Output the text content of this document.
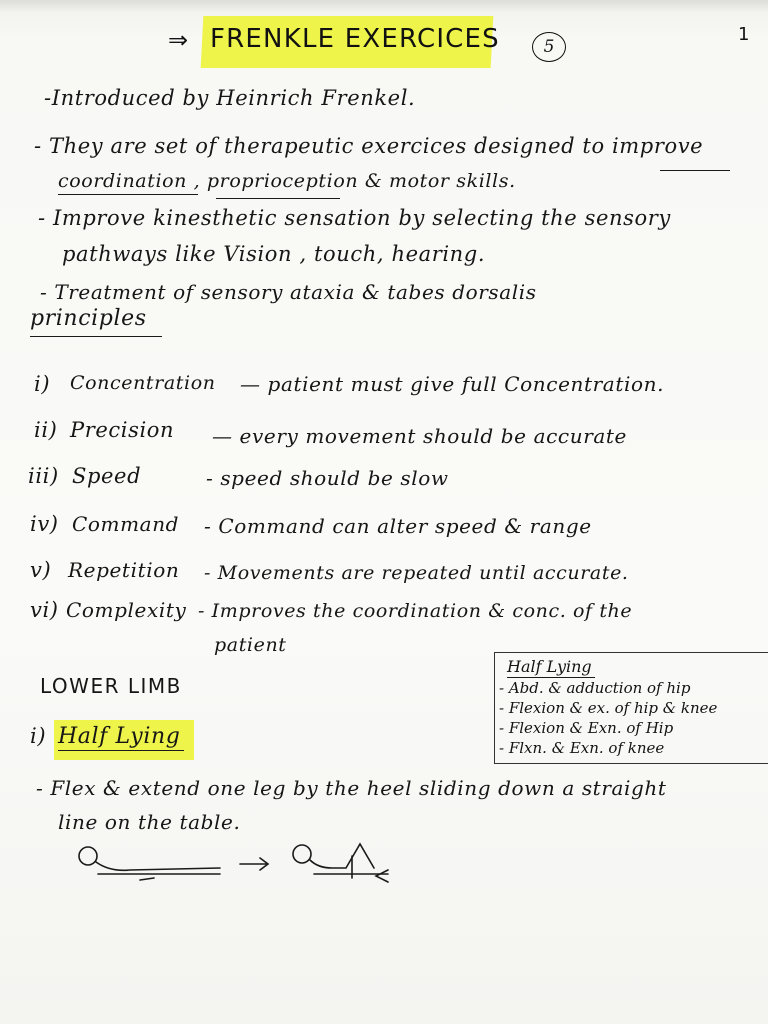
⇒ FRENKLE EXERCICES	5
1
-Introduced by Heinrich Frenkel.
- They are set of therapeutic exercices designed to improve
coordination , proprioception & motor skills.
- Improve kinesthetic sensation by selecting the sensory
pathways like Vision , touch, hearing.
- Treatment of sensory ataxia & tabes dorsalis
principles
i) Concentration — patient must give full Concentration.
ii) Precision — every movement should be accurate
iii) Speed	- speed should be slow
iv) Command - Command can alter speed & range
v) Repetition - Movements are repeated until accurate.
vi) Complexity - Improves the coordination & conc. of the
patient
LOWER LIMB
i) Half Lying
- Flex & extend one leg by the heel sliding down a straight
line on the table.
Half Lying
- Abd. & adduction of hip
- Flexion & ex. of hip & knee
- Flexion & Exn. of Hip
- Flxn. & Exn. of knee
